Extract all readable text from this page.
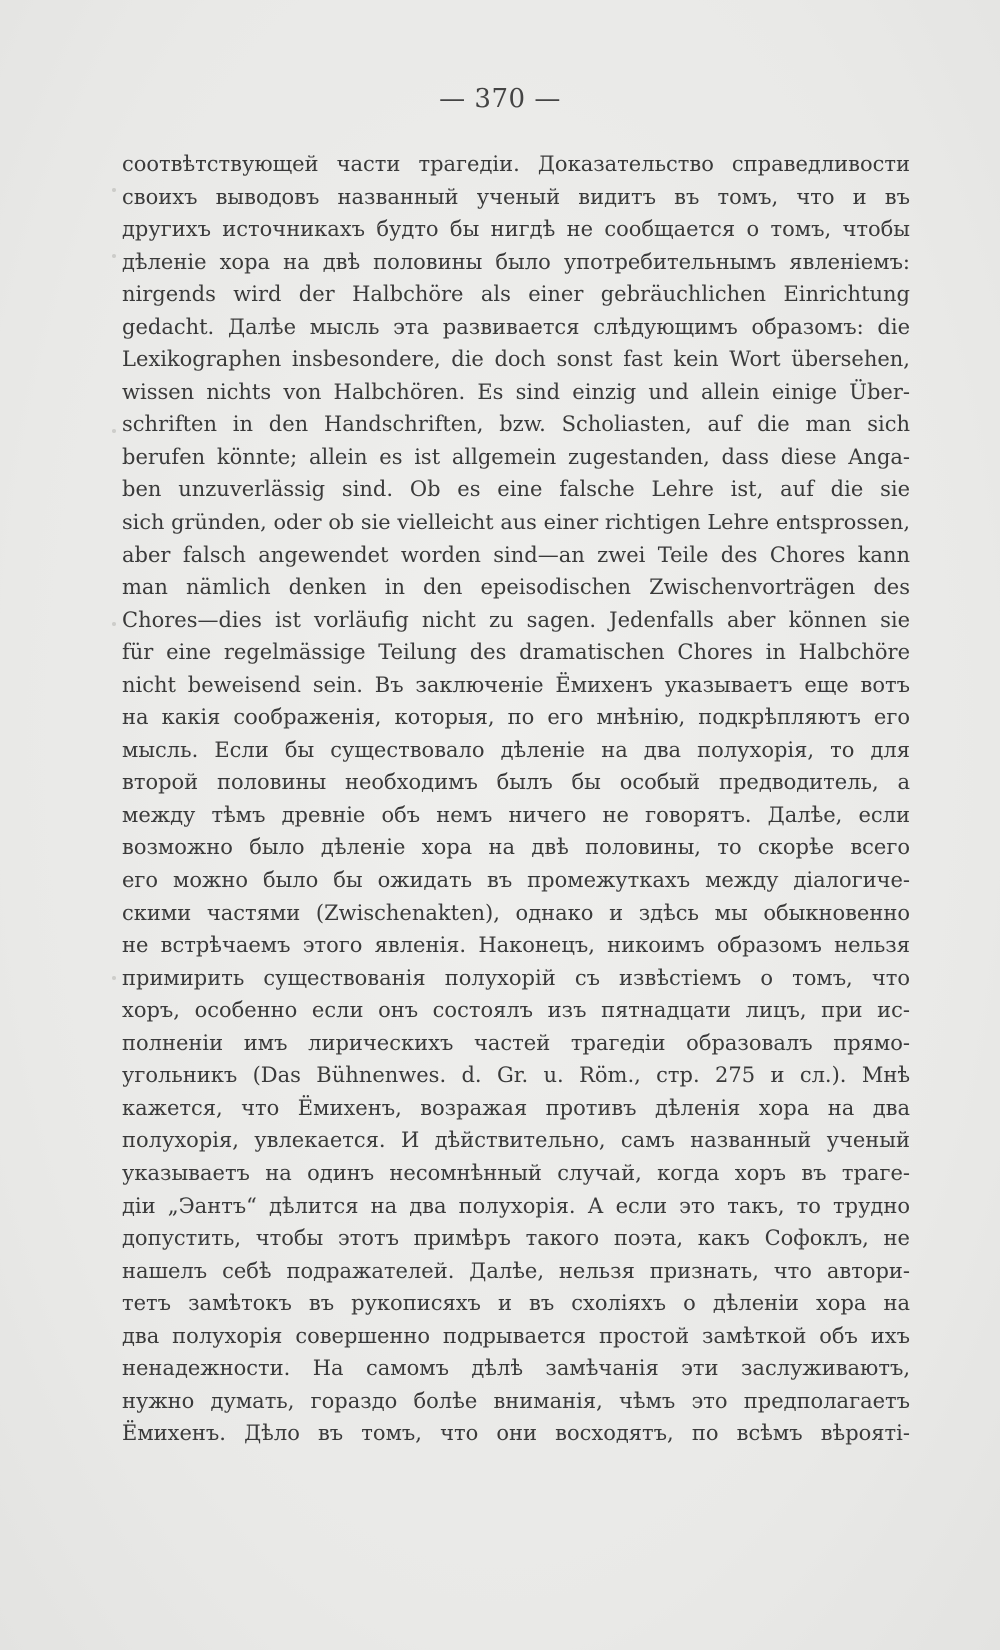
— 370 —
соотвѣтствующей части трагедіи. Доказательство справедливости
своихъ выводовъ названный ученый видитъ въ томъ, что и въ
другихъ источникахъ будто бы нигдѣ не сообщается о томъ, чтобы
дѣленіе хора на двѣ половины было употребительнымъ явленіемъ:
nirgends wird der Halbchöre als einer gebräuchlichen Einrichtung
gedacht. Далѣе мысль эта развивается слѣдующимъ образомъ: die
Lexikographen insbesondere, die doch sonst fast kein Wort übersehen,
wissen nichts von Halbchören. Es sind einzig und allein einige Über-
schriften in den Handschriften, bzw. Scholiasten, auf die man sich
berufen könnte; allein es ist allgemein zugestanden, dass diese Anga-
ben unzuverlässig sind. Ob es eine falsche Lehre ist, auf die sie
sich gründen, oder ob sie vielleicht aus einer richtigen Lehre entsprossen,
aber falsch angewendet worden sind—an zwei Teile des Chores kann
man nämlich denken in den epeisodischen Zwischenvorträgen des
Chores—dies ist vorläufig nicht zu sagen. Jedenfalls aber können sie
für eine regelmässige Teilung des dramatischen Chores in Halbchöre
nicht beweisend sein. Въ заключеніе Ёмихенъ указываетъ еще вотъ
на какія соображенія, которыя, по его мнѣнію, подкрѣпляютъ его
мысль. Если бы существовало дѣленіе на два полухорія, то для
второй половины необходимъ былъ бы особый предводитель, а
между тѣмъ древніе объ немъ ничего не говорятъ. Далѣе, если
возможно было дѣленіе хора на двѣ половины, то скорѣе всего
его можно было бы ожидать въ промежуткахъ между діалогиче-
скими частями (Zwischenakten), однако и здѣсь мы обыкновенно
не встрѣчаемъ этого явленія. Наконецъ, никоимъ образомъ нельзя
примирить существованія полухорій съ извѣстіемъ о томъ, что
хоръ, особенно если онъ состоялъ изъ пятнадцати лицъ, при ис-
полненіи имъ лирическихъ частей трагедіи образовалъ прямо-
угольникъ (Das Bühnenwes. d. Gr. u. Röm., стр. 275 и сл.). Мнѣ
кажется, что Ёмихенъ, возражая противъ дѣленія хора на два
полухорія, увлекается. И дѣйствительно, самъ названный ученый
указываетъ на одинъ несомнѣнный случай, когда хоръ въ траге-
діи „Эантъ“ дѣлится на два полухорія. А если это такъ, то трудно
допустить, чтобы этотъ примѣръ такого поэта, какъ Софоклъ, не
нашелъ себѣ подражателей. Далѣе, нельзя признать, что автори-
тетъ замѣтокъ въ рукописяхъ и въ схоліяхъ о дѣленіи хора на
два полухорія совершенно подрывается простой замѣткой объ ихъ
ненадежности. На самомъ дѣлѣ замѣчанія эти заслуживаютъ,
нужно думать, гораздо болѣе вниманія, чѣмъ это предполагаетъ
Ёмихенъ. Дѣло въ томъ, что они восходятъ, по всѣмъ вѣрояті-
